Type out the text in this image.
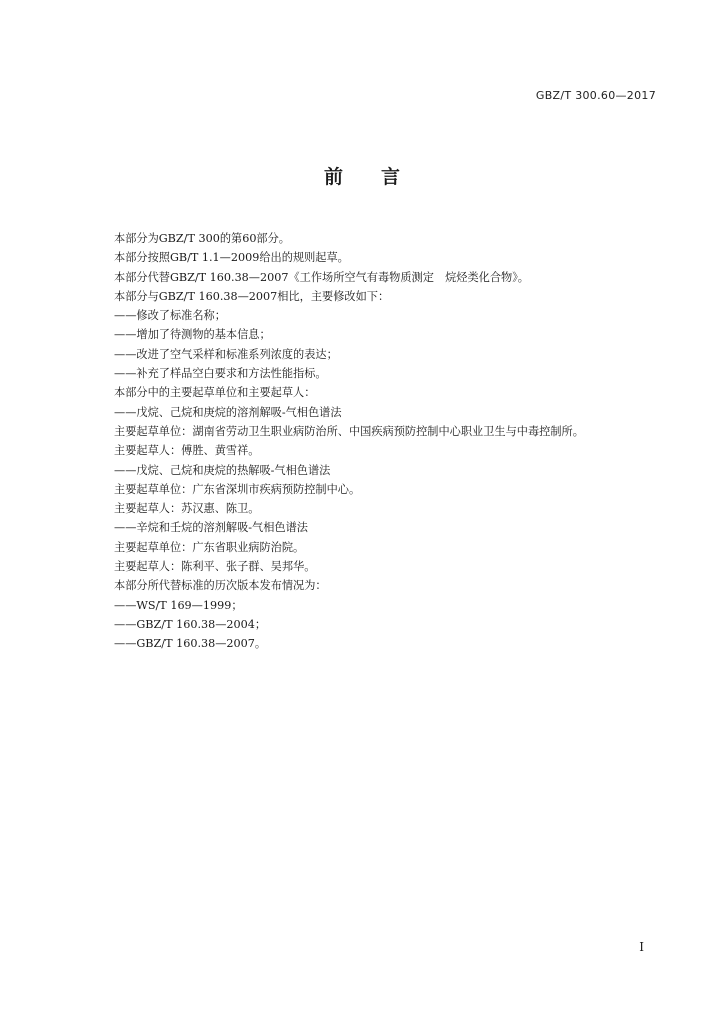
GBZ/T 300.60—2017
前 言
本部分为GBZ/T 300的第60部分。
本部分按照GB/T 1.1—2009给出的规则起草。
本部分代替GBZ/T 160.38—2007《工作场所空气有毒物质测定　烷烃类化合物》。
本部分与GBZ/T 160.38—2007相比，主要修改如下：
——修改了标准名称；
——增加了待测物的基本信息；
——改进了空气采样和标准系列浓度的表达；
——补充了样品空白要求和方法性能指标。
本部分中的主要起草单位和主要起草人：
——戊烷、己烷和庚烷的溶剂解吸-气相色谱法
主要起草单位：湖南省劳动卫生职业病防治所、中国疾病预防控制中心职业卫生与中毒控制所。
主要起草人：傅胜、黄雪祥。
——戊烷、己烷和庚烷的热解吸-气相色谱法
主要起草单位：广东省深圳市疾病预防控制中心。
主要起草人：苏汉惠、陈卫。
——辛烷和壬烷的溶剂解吸-气相色谱法
主要起草单位：广东省职业病防治院。
主要起草人：陈利平、张子群、吴邦华。
本部分所代替标准的历次版本发布情况为：
——WS/T 169—1999；
——GBZ/T 160.38—2004；
——GBZ/T 160.38—2007。
I
